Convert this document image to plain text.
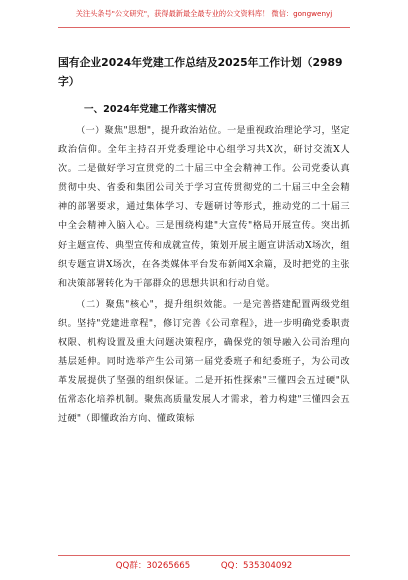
关注头条号"公文研究"，获得最新最全最专业的公文资料库！ 微信：gongwenyj
国有企业2024年党建工作总结及2025年工作计划（2989字）
一、2024年党建工作落实情况

（一）聚焦"思想"，提升政治站位。一是重视政治理论学习，坚定政治信仰。全年主持召开党委理论中心组学习共X次，研讨交流X人次。二是做好学习宣贯党的二十届三中全会精神工作。公司党委认真贯彻中央、省委和集团公司关于学习宣传贯彻党的二十届三中全会精神的部署要求，通过集体学习、专题研讨等形式，推动党的二十届三中全会精神入脑入心。三是围绕构建"大宣传"格局开展宣传。突出抓好主题宣传、典型宣传和成就宣传，策划开展主题宣讲活动X场次，组织专题宣讲X场次，在各类媒体平台发布新闻X余篇，及时把党的主张和决策部署转化为干部群众的思想共识和行动自觉。

（二）聚焦"核心"，提升组织效能。一是完善搭建配置两级党组织。坚持"党建进章程"，修订完善《公司章程》，进一步明确党委职责权限、机构设置及重大问题决策程序，确保党的领导融入公司治理向基层延伸。同时选举产生公司第一届党委班子和纪委班子，为公司改革发展提供了坚强的组织保证。二是开拓性探索"三懂四会五过硬"队伍常态化培养机制。聚焦高质量发展人才需求，着力构建"三懂四会五过硬"（即懂政治方向、懂政策标

QQ群：30265665	QQ：535304092
